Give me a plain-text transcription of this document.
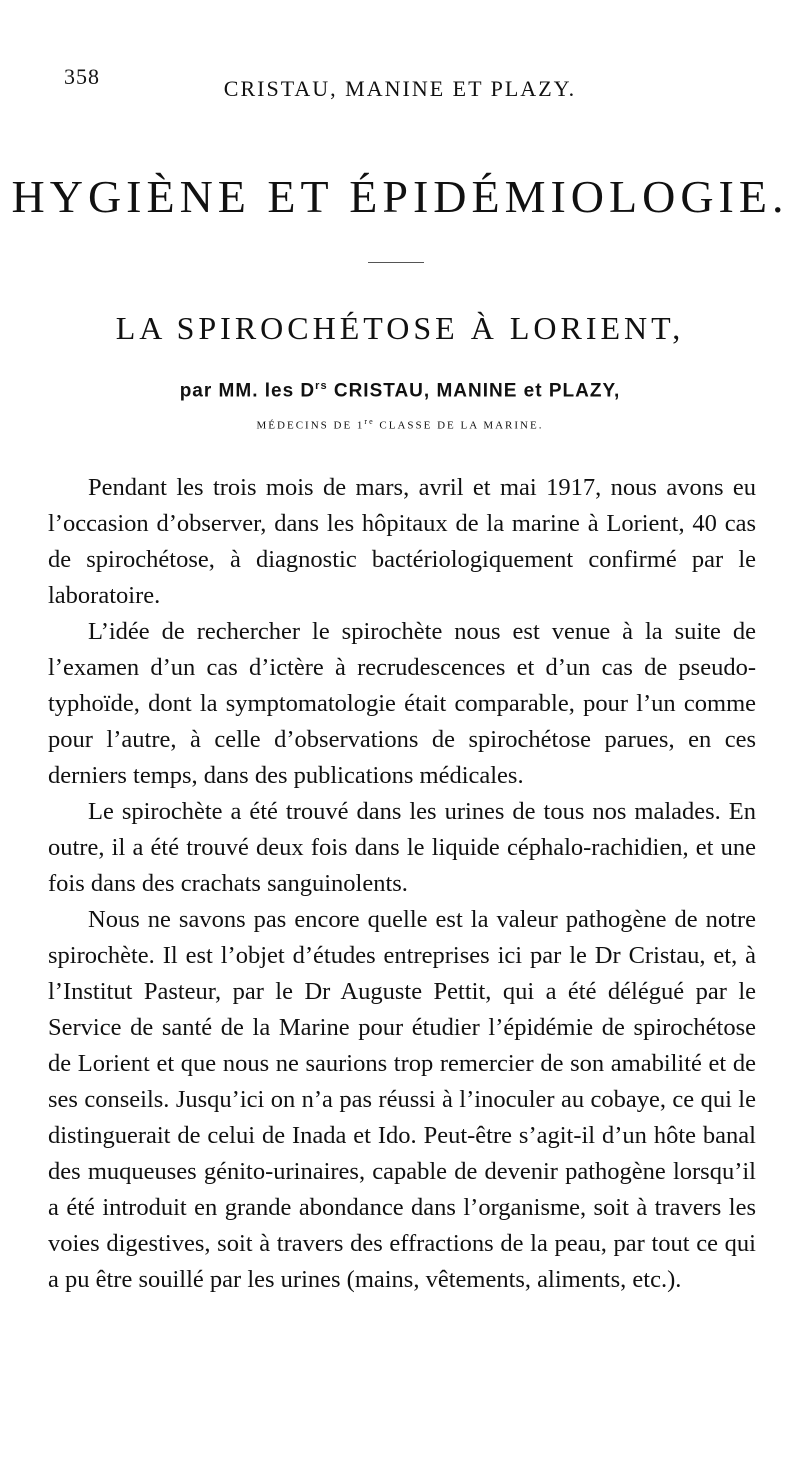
358	CRISTAU, MANINE ET PLAZY.
HYGIÈNE ET ÉPIDÉMIOLOGIE.
LA SPIROCHÉTOSE À LORIENT,
par MM. les $D^{rs}$ CRISTAU, MANINE et PLAZY,
MÉDECINS DE 1re CLASSE DE LA MARINE.

Pendant les trois mois de mars, avril et mai 1917, nous avons eu l’occasion d’observer, dans les hôpitaux de la marine à Lorient, 40 cas de spirochétose, à diagnostic bactériologiquement confirmé par le laboratoire.

L’idée de rechercher le spirochète nous est venue à la suite de l’examen d’un cas d’ictère à recrudescences et d’un cas de pseudo-typhoïde, dont la symptomatologie était comparable, pour l’un comme pour l’autre, à celle d’observations de spirochétose parues, en ces derniers temps, dans des publications médicales.

Le spirochète a été trouvé dans les urines de tous nos malades. En outre, il a été trouvé deux fois dans le liquide céphalo-rachidien, et une fois dans des crachats sanguinolents.

Nous ne savons pas encore quelle est la valeur pathogène de notre spirochète. Il est l’objet d’études entreprises ici par le Dr Cristau, et, à l’Institut Pasteur, par le Dr Auguste Pettit, qui a été délégué par le Service de santé de la Marine pour étudier l’épidémie de spirochétose de Lorient et que nous ne saurions trop remercier de son amabilité et de ses conseils. Jusqu’ici on n’a pas réussi à l’inoculer au cobaye, ce qui le distinguerait de celui de Inada et Ido. Peut-être s’agit-il d’un hôte banal des muqueuses génito-urinaires, capable de devenir pathogène lorsqu’il a été introduit en grande abondance dans l’organisme, soit à travers les voies digestives, soit à travers des effractions de la peau, par tout ce qui a pu être souillé par les urines (mains, vêtements, aliments, etc.).
